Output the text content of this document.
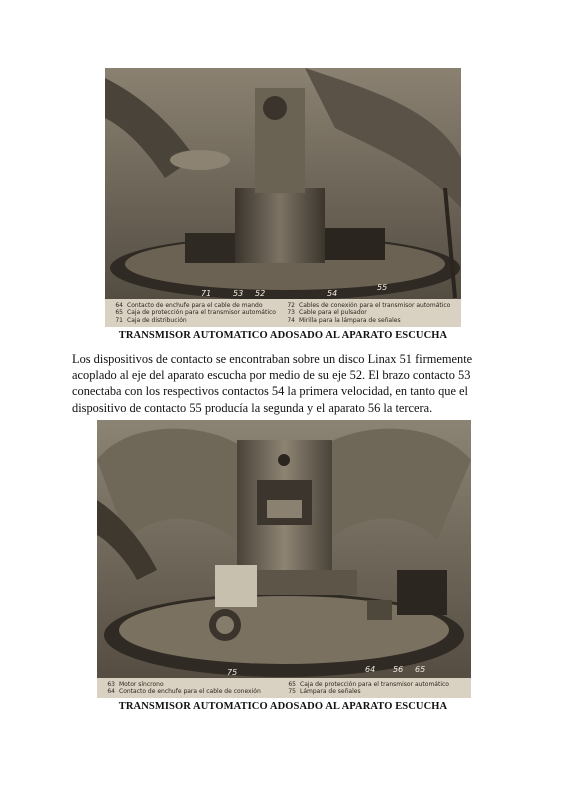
71	53 52	54
55
64 Contacto de enchufe para el cable de mando
65 Caja de protección para el transmisor automático
71 Caja de distribución
72 Cables de conexión para el transmisor automático
73 Cable para el pulsador
74 Mirilla para la lámpara de señales
TRANSMISOR AUTOMATICO ADOSADO AL APARATO ESCUCHA

Los dispositivos de contacto se encontraban sobre un disco Linax 51 firmemente
acoplado al eje del aparato escucha por medio de su eje 52. El brazo contacto 53
conectaba con los respectivos contactos 54 la primera velocidad, en tanto que el
dispositivo de contacto 55 producía la segunda y el aparato 56 la tercera.

75	64 56 65
63 Motor síncrono
64 Contacto de enchufe para el cable de conexión
65 Caja de protección para el transmisor automático
75 Lámpara de señales
TRANSMISOR AUTOMATICO ADOSADO AL APARATO ESCUCHA
